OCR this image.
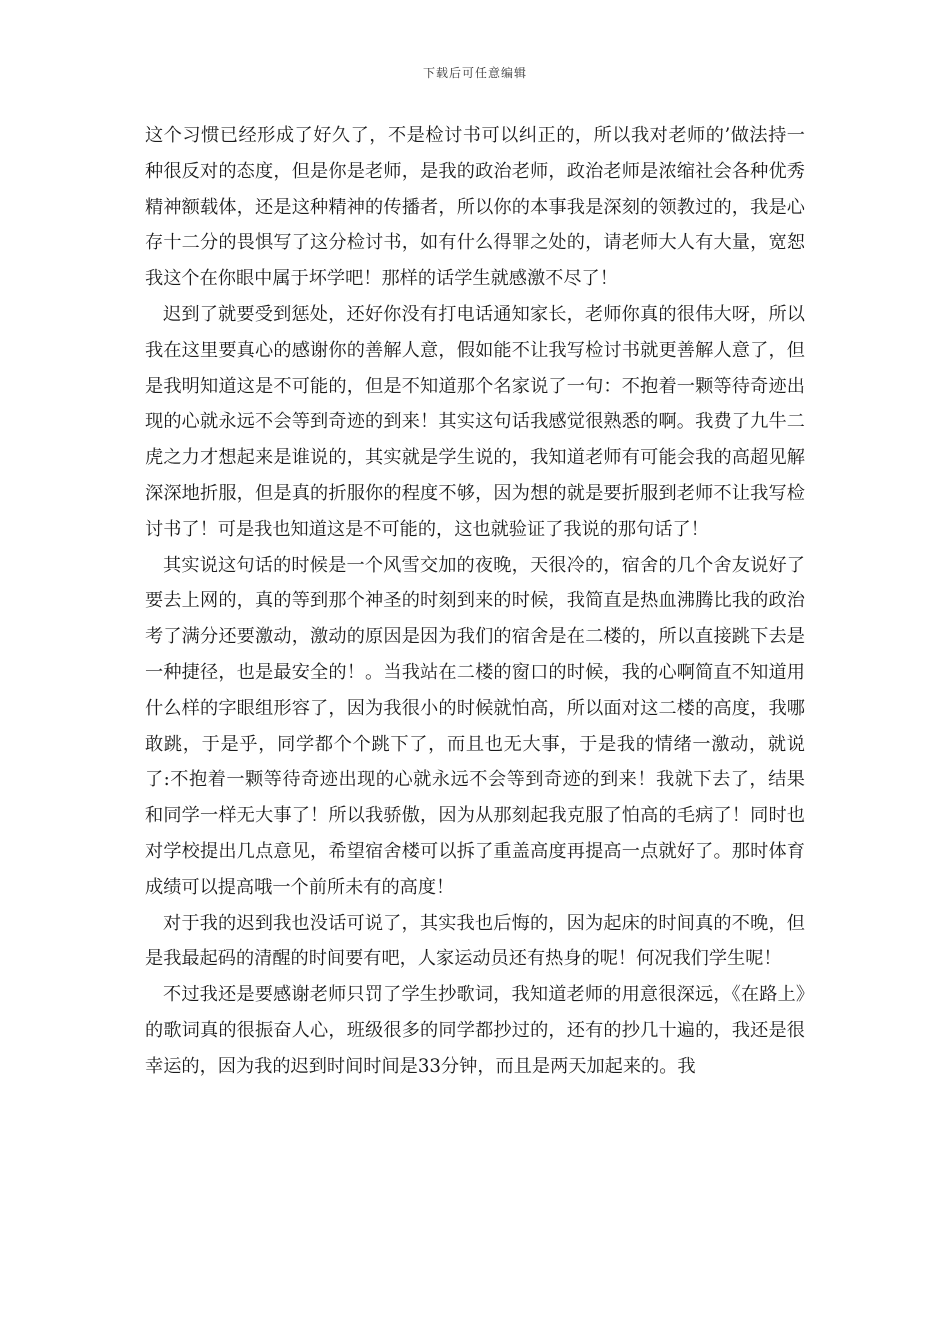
下载后可任意编辑

这个习惯已经形成了好久了，不是检讨书可以纠正的，所以我对老师的’做法持一种很反对的态度，但是你是老师，是我的政治老师，政治老师是浓缩社会各种优秀精神额载体，还是这种精神的传播者，所以你的本事我是深刻的领教过的，我是心存十二分的畏惧写了这分检讨书，如有什么得罪之处的，请老师大人有大量，宽恕我这个在你眼中属于坏学吧！那样的话学生就感激不尽了！

迟到了就要受到惩处，还好你没有打电话通知家长，老师你真的很伟大呀，所以我在这里要真心的感谢你的善解人意，假如能不让我写检讨书就更善解人意了，但是我明知道这是不可能的，但是不知道那个名家说了一句：不抱着一颗等待奇迹出现的心就永远不会等到奇迹的到来！其实这句话我感觉很熟悉的啊。我费了九牛二虎之力才想起来是谁说的，其实就是学生说的，我知道老师有可能会我的高超见解深深地折服，但是真的折服你的程度不够，因为想的就是要折服到老师不让我写检讨书了！可是我也知道这是不可能的，这也就验证了我说的那句话了！

其实说这句话的时候是一个风雪交加的夜晚，天很冷的，宿舍的几个舍友说好了要去上网的，真的等到那个神圣的时刻到来的时候，我简直是热血沸腾比我的政治考了满分还要激动，激动的原因是因为我们的宿舍是在二楼的，所以直接跳下去是一种捷径，也是最安全的！。当我站在二楼的窗口的时候，我的心啊简直不知道用什么样的字眼组形容了，因为我很小的时候就怕高，所以面对这二楼的高度，我哪敢跳，于是乎，同学都个个跳下了，而且也无大事，于是我的情绪一激动，就说了:不抱着一颗等待奇迹出现的心就永远不会等到奇迹的到来！我就下去了，结果和同学一样无大事了！所以我骄傲，因为从那刻起我克服了怕高的毛病了！同时也对学校提出几点意见，希望宿舍楼可以拆了重盖高度再提高一点就好了。那时体育成绩可以提高哦一个前所未有的高度！

对于我的迟到我也没话可说了，其实我也后悔的，因为起床的时间真的不晚，但是我最起码的清醒的时间要有吧，人家运动员还有热身的呢！何况我们学生呢！

不过我还是要感谢老师只罚了学生抄歌词，我知道老师的用意很深远，《在路上》的歌词真的很振奋人心，班级很多的同学都抄过的，还有的抄几十遍的，我还是很幸运的，因为我的迟到时间时间是33分钟，而且是两天加起来的。我
